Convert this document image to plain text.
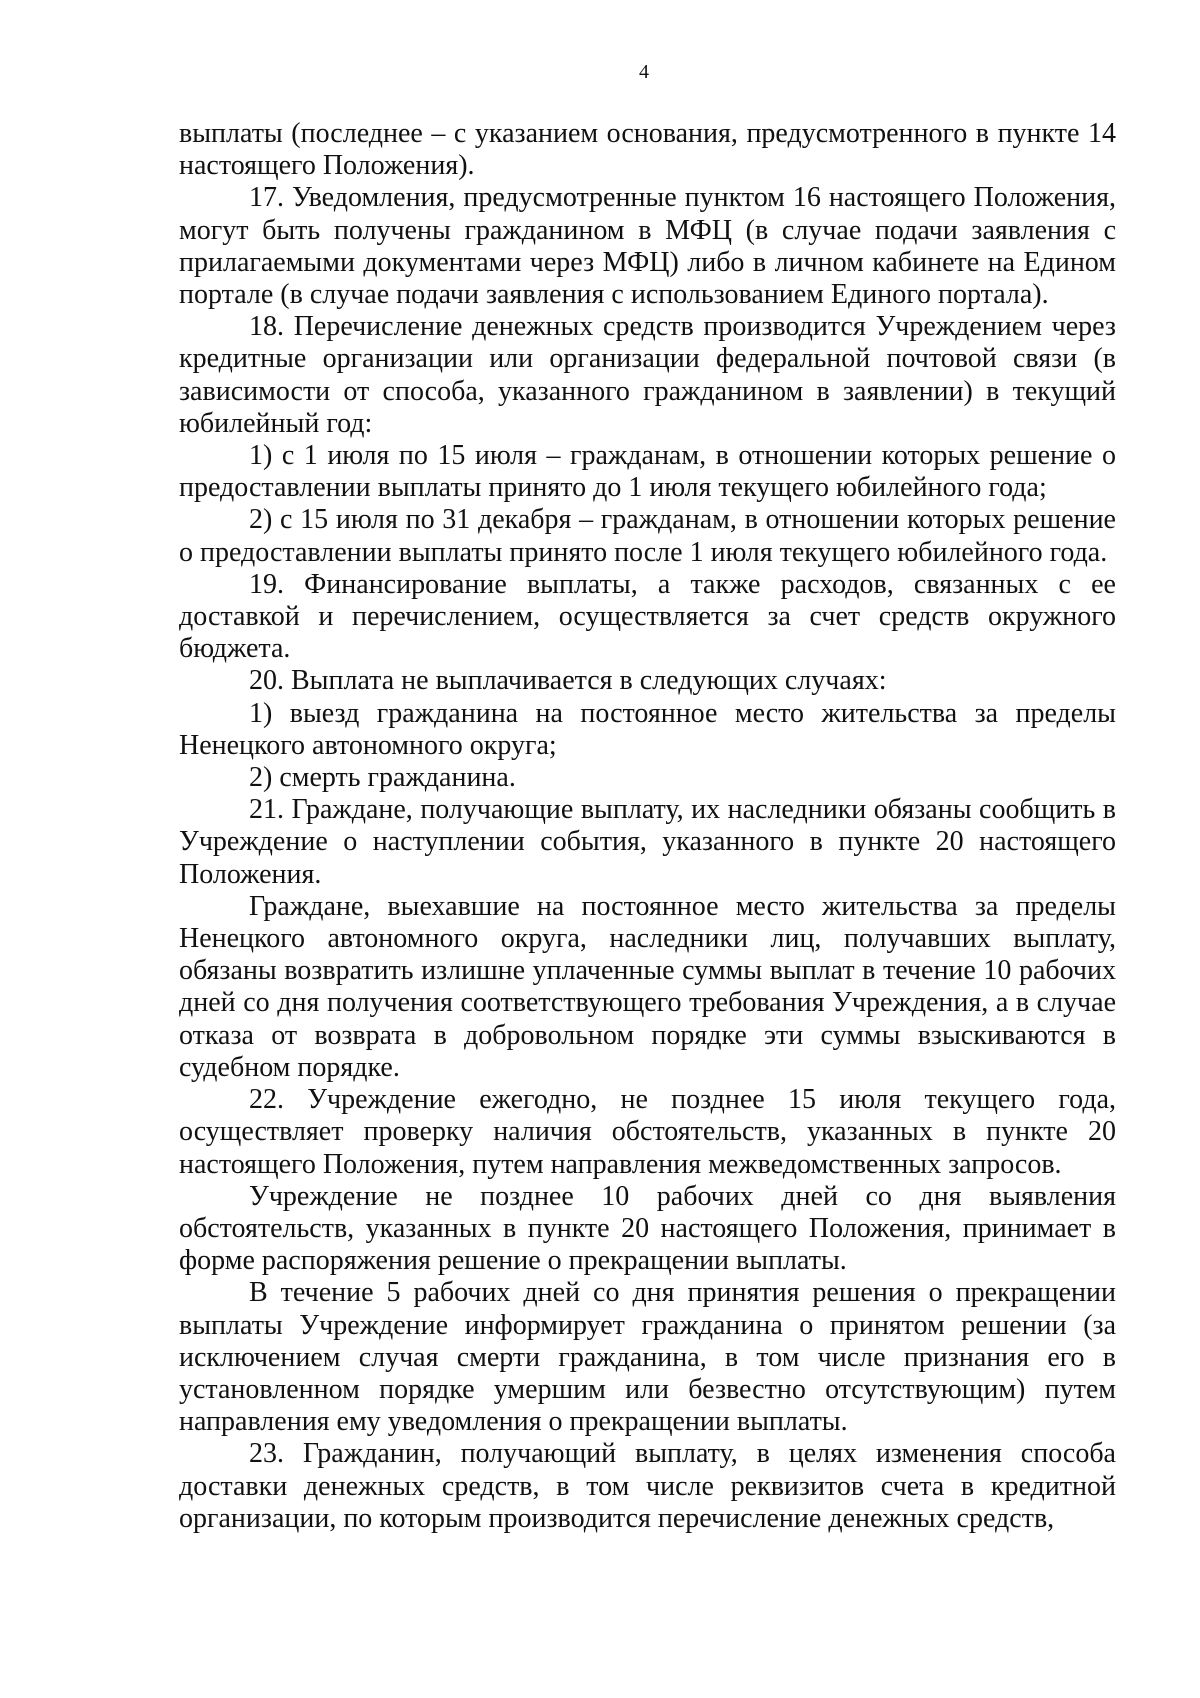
4

выплаты (последнее – с указанием основания, предусмотренного в пункте 14 настоящего Положения).

17. Уведомления, предусмотренные пунктом 16 настоящего Положения, могут быть получены гражданином в МФЦ (в случае подачи заявления с прилагаемыми документами через МФЦ) либо в личном кабинете на Едином портале (в случае подачи заявления с использованием Единого портала).

18. Перечисление денежных средств производится Учреждением через кредитные организации или организации федеральной почтовой связи (в зависимости от способа, указанного гражданином в заявлении) в текущий юбилейный год:

1) с 1 июля по 15 июля – гражданам, в отношении которых решение о предоставлении выплаты принято до 1 июля текущего юбилейного года;

2) с 15 июля по 31 декабря – гражданам, в отношении которых решение о предоставлении выплаты принято после 1 июля текущего юбилейного года.

19. Финансирование выплаты, а также расходов, связанных с ее доставкой и перечислением, осуществляется за счет средств окружного бюджета.

20. Выплата не выплачивается в следующих случаях:

1) выезд гражданина на постоянное место жительства за пределы Ненецкого автономного округа;

2) смерть гражданина.

21. Граждане, получающие выплату, их наследники обязаны сообщить в Учреждение о наступлении события, указанного в пункте 20 настоящего Положения.

Граждане, выехавшие на постоянное место жительства за пределы Ненецкого автономного округа, наследники лиц, получавших выплату, обязаны возвратить излишне уплаченные суммы выплат в течение 10 рабочих дней со дня получения соответствующего требования Учреждения, а в случае отказа от возврата в добровольном порядке эти суммы взыскиваются в судебном порядке.

22. Учреждение ежегодно, не позднее 15 июля текущего года, осуществляет проверку наличия обстоятельств, указанных в пункте 20 настоящего Положения, путем направления межведомственных запросов.

Учреждение не позднее 10 рабочих дней со дня выявления обстоятельств, указанных в пункте 20 настоящего Положения, принимает в форме распоряжения решение о прекращении выплаты.

В течение 5 рабочих дней со дня принятия решения о прекращении выплаты Учреждение информирует гражданина о принятом решении (за исключением случая смерти гражданина, в том числе признания его в установленном порядке умершим или безвестно отсутствующим) путем направления ему уведомления о прекращении выплаты.

23. Гражданин, получающий выплату, в целях изменения способа доставки денежных средств, в том числе реквизитов счета в кредитной организации, по которым производится перечисление денежных средств,
